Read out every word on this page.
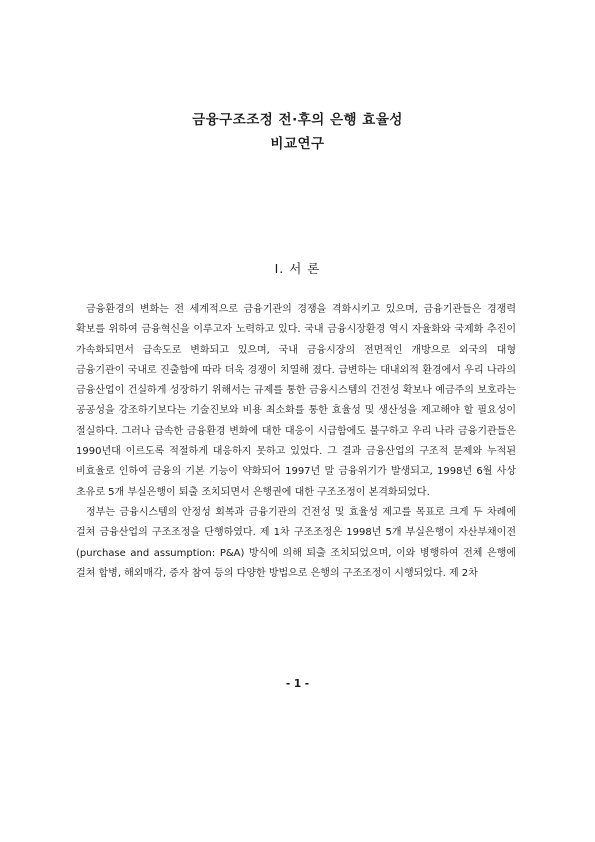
금융구조조정 전·후의 은행 효율성
비교연구
Ⅰ. 서 론

금융환경의 변화는 전 세계적으로 금융기관의 경쟁을 격화시키고 있으며, 금융기관들은 경쟁력 확보를 위하여 금융혁신을 이루고자 노력하고 있다. 국내 금융시장환경 역시 자율화와 국제화 추진이 가속화되면서 급속도로 변화되고 있으며, 국내 금융시장의 전면적인 개방으로 외국의 대형 금융기관이 국내로 진출함에 따라 더욱 경쟁이 치열해 졌다. 급변하는 대내외적 환경에서 우리 나라의 금융산업이 건실하게 성장하기 위해서는 규제를 통한 금융시스템의 건전성 확보나 예금주의 보호라는 공공성을 강조하기보다는 기술진보와 비용 최소화를 통한 효율성 및 생산성을 제고해야 할 필요성이 절실하다. 그러나 급속한 금융환경 변화에 대한 대응이 시급함에도 불구하고 우리 나라 금융기관들은 1990년대 이르도록 적절하게 대응하지 못하고 있었다. 그 결과 금융산업의 구조적 문제와 누적된 비효율로 인하여 금융의 기본 기능이 약화되어 1997년 말 금융위기가 발생되고, 1998년 6월 사상 초유로 5개 부실은행이 퇴출 조치되면서 은행권에 대한 구조조정이 본격화되었다.

정부는 금융시스템의 안정성 회복과 금융기관의 건전성 및 효율성 제고를 목표로 크게 두 차례에 걸쳐 금융산업의 구조조정을 단행하였다. 제 1차 구조조정은 1998년 5개 부실은행이 자산부채이전(purchase and assumption: P&A) 방식에 의해 퇴출 조치되었으며, 이와 병행하여 전체 은행에 걸쳐 합병, 해외매각, 증자 참여 등의 다양한 방법으로 은행의 구조조정이 시행되었다. 제 2차

- 1 -
